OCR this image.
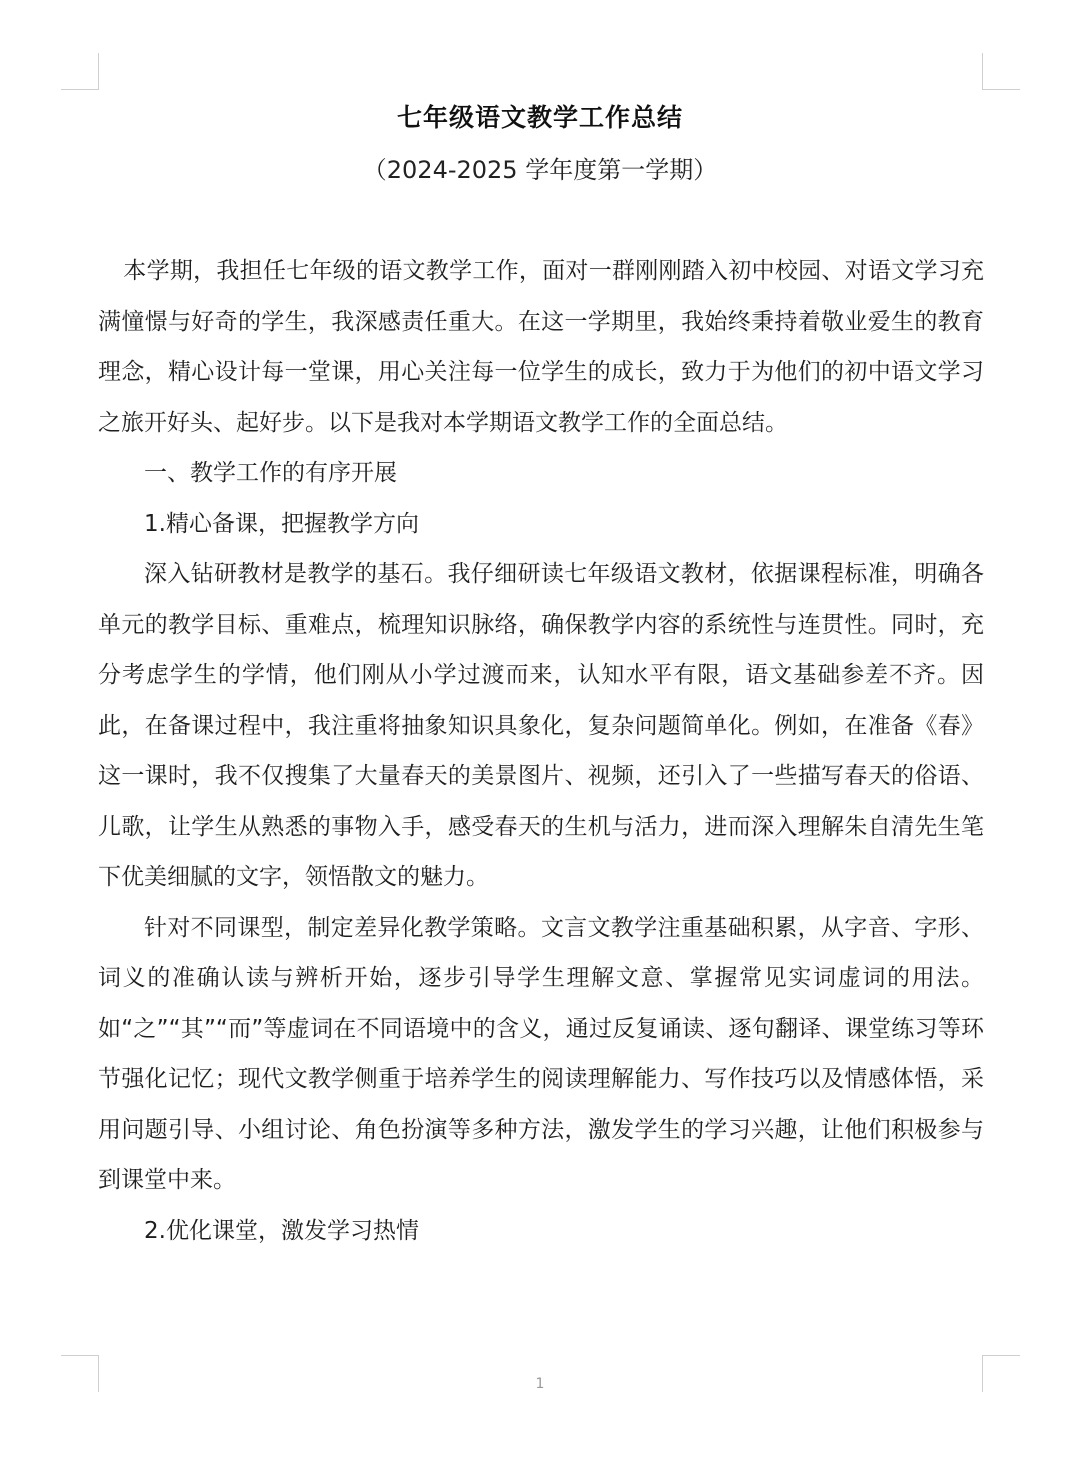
七年级语文教学工作总结
（2024-2025 学年度第一学期）

本学期，我担任七年级的语文教学工作，面对一群刚刚踏入初中校园、对语文学习充满憧憬与好奇的学生，我深感责任重大。在这一学期里，我始终秉持着敬业爱生的教育理念，精心设计每一堂课，用心关注每一位学生的成长，致力于为他们的初中语文学习之旅开好头、起好步。以下是我对本学期语文教学工作的全面总结。

一、教学工作的有序开展

1.精心备课，把握教学方向

深入钻研教材是教学的基石。我仔细研读七年级语文教材，依据课程标准，明确各单元的教学目标、重难点，梳理知识脉络，确保教学内容的系统性与连贯性。同时，充分考虑学生的学情，他们刚从小学过渡而来，认知水平有限，语文基础参差不齐。因此，在备课过程中，我注重将抽象知识具象化，复杂问题简单化。例如，在准备《春》这一课时，我不仅搜集了大量春天的美景图片、视频，还引入了一些描写春天的俗语、儿歌，让学生从熟悉的事物入手，感受春天的生机与活力，进而深入理解朱自清先生笔下优美细腻的文字，领悟散文的魅力。

针对不同课型，制定差异化教学策略。文言文教学注重基础积累，从字音、字形、词义的准确认读与辨析开始，逐步引导学生理解文意、掌握常见实词虚词的用法。如“之”“其”“而”等虚词在不同语境中的含义，通过反复诵读、逐句翻译、课堂练习等环节强化记忆；现代文教学侧重于培养学生的阅读理解能力、写作技巧以及情感体悟，采用问题引导、小组讨论、角色扮演等多种方法，激发学生的学习兴趣，让他们积极参与到课堂中来。

2.优化课堂，激发学习热情

1
